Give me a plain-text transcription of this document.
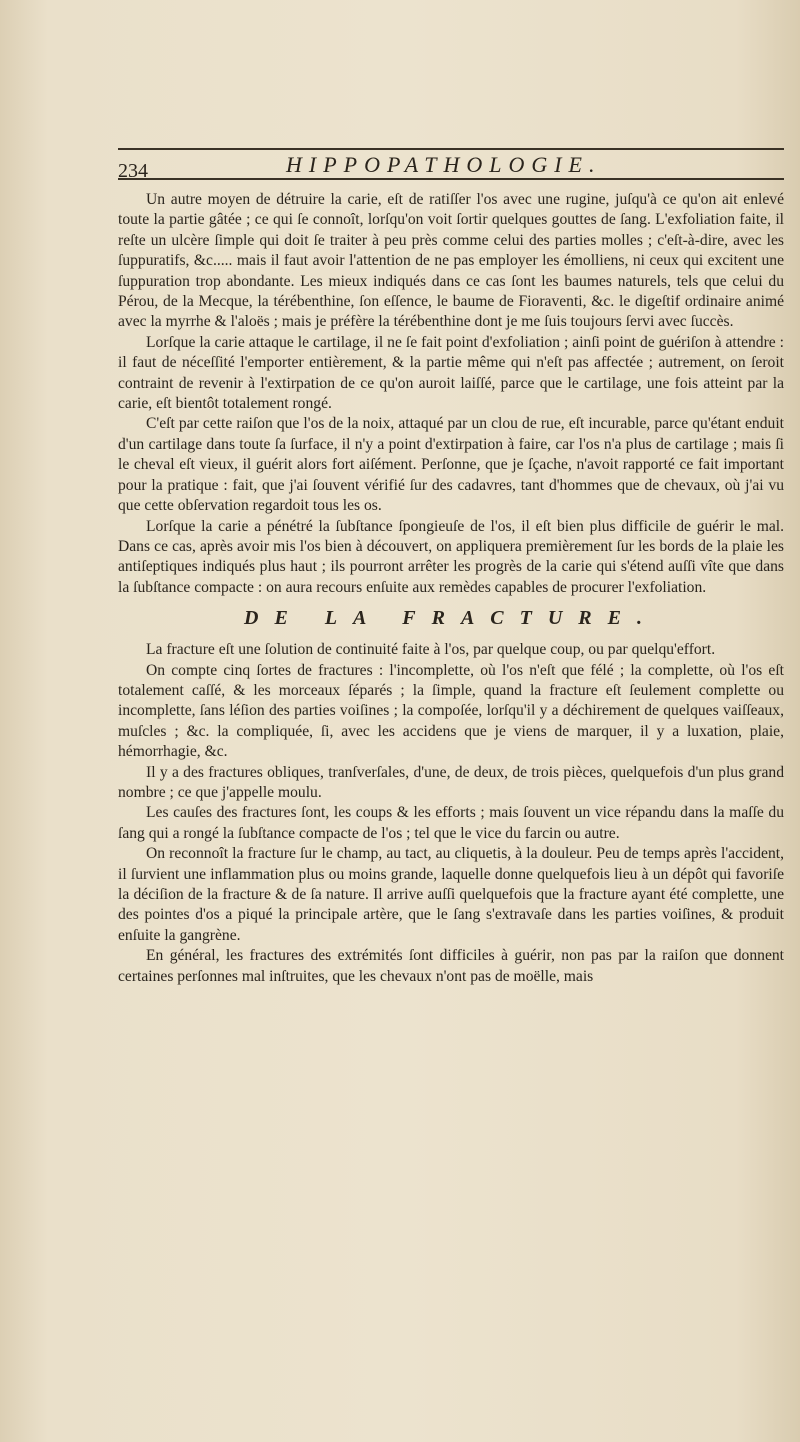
234	HIPPOPATHOLOGIE.

Un autre moyen de détruire la carie, eſt de ratiſſer l'os avec une rugine, juſqu'à ce qu'on ait enlevé toute la partie gâtée ; ce qui ſe connoît, lorſqu'on voit ſortir quelques gouttes de ſang. L'exfoliation faite, il reſte un ulcère ſimple qui doit ſe traiter à peu près comme celui des parties molles ; c'eſt-à-dire, avec les ſuppuratifs, &c..... mais il faut avoir l'attention de ne pas employer les émolliens, ni ceux qui excitent une ſuppuration trop abondante. Les mieux indiqués dans ce cas ſont les baumes naturels, tels que celui du Pérou, de la Mecque, la térébenthine, ſon eſſence, le baume de Fioraventi, &c. le digeſtif ordinaire animé avec la myrrhe & l'aloës ; mais je préfère la térébenthine dont je me ſuis toujours ſervi avec ſuccès.

Lorſque la carie attaque le cartilage, il ne ſe fait point d'exfoliation ; ainſi point de guériſon à attendre : il faut de néceſſité l'emporter entièrement, & la partie même qui n'eſt pas affectée ; autrement, on ſeroit contraint de revenir à l'extirpation de ce qu'on auroit laiſſé, parce que le cartilage, une fois atteint par la carie, eſt bientôt totalement rongé.

C'eſt par cette raiſon que l'os de la noix, attaqué par un clou de rue, eſt incurable, parce qu'étant enduit d'un cartilage dans toute ſa ſurface, il n'y a point d'extirpation à faire, car l'os n'a plus de cartilage ; mais ſi le cheval eſt vieux, il guérit alors fort aiſément. Perſonne, que je ſçache, n'avoit rapporté ce fait important pour la pratique : fait, que j'ai ſouvent vérifié ſur des cadavres, tant d'hommes que de chevaux, où j'ai vu que cette obſervation regardoit tous les os.

Lorſque la carie a pénétré la ſubſtance ſpongieuſe de l'os, il eſt bien plus difficile de guérir le mal. Dans ce cas, après avoir mis l'os bien à découvert, on appliquera premièrement ſur les bords de la plaie les antiſeptiques indiqués plus haut ; ils pourront arrêter les progrès de la carie qui s'étend auſſi vîte que dans la ſubſtance compacte : on aura recours enſuite aux remèdes capables de procurer l'exfoliation.

DE LA FRACTURE.

La fracture eſt une ſolution de continuité faite à l'os, par quelque coup, ou par quelqu'effort.

On compte cinq ſortes de fractures : l'incomplette, où l'os n'eſt que félé ; la complette, où l'os eſt totalement caſſé, & les morceaux ſéparés ; la ſimple, quand la fracture eſt ſeulement complette ou incomplette, ſans léſion des parties voiſines ; la compoſée, lorſqu'il y a déchirement de quelques vaiſſeaux, muſcles ; &c. la compliquée, ſi, avec les accidens que je viens de marquer, il y a luxation, plaie, hémorrhagie, &c.

Il y a des fractures obliques, tranſverſales, d'une, de deux, de trois pièces, quelquefois d'un plus grand nombre ; ce que j'appelle moulu.

Les cauſes des fractures ſont, les coups & les efforts ; mais ſouvent un vice répandu dans la maſſe du ſang qui a rongé la ſubſtance compacte de l'os ; tel que le vice du farcin ou autre.

On reconnoît la fracture ſur le champ, au tact, au cliquetis, à la douleur. Peu de temps après l'accident, il ſurvient une inflammation plus ou moins grande, laquelle donne quelquefois lieu à un dépôt qui favoriſe la déciſion de la fracture & de ſa nature. Il arrive auſſi quelquefois que la fracture ayant été complette, une des pointes d'os a piqué la principale artère, que le ſang s'extravaſe dans les parties voiſines, & produit enſuite la gangrène.

En général, les fractures des extrémités ſont difficiles à guérir, non pas par la raiſon que donnent certaines perſonnes mal inſtruites, que les chevaux n'ont pas de moëlle, mais
